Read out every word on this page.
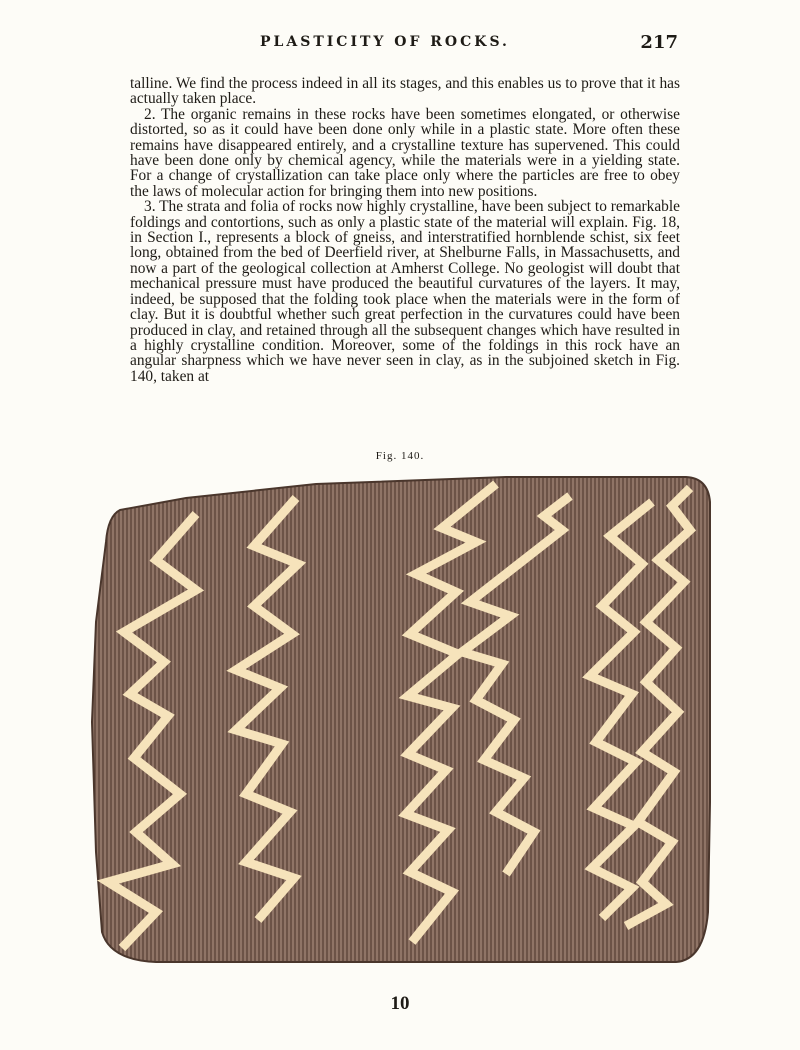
PLASTICITY OF ROCKS.	217

talline. We find the process indeed in all its stages, and this enables us to prove that it has actually taken place.

2. The organic remains in these rocks have been sometimes elongated, or otherwise distorted, so as it could have been done only while in a plastic state. More often these remains have disappeared entirely, and a crystalline texture has supervened. This could have been done only by chemical agency, while the materials were in a yielding state. For a change of crystallization can take place only where the particles are free to obey the laws of molecular action for bringing them into new positions.

3. The strata and folia of rocks now highly crystalline, have been subject to remarkable foldings and contortions, such as only a plastic state of the material will explain. Fig. 18, in Section I., represents a block of gneiss, and interstratified hornblende schist, six feet long, obtained from the bed of Deerfield river, at Shelburne Falls, in Massachusetts, and now a part of the geological collection at Amherst College. No geologist will doubt that mechanical pressure must have produced the beautiful curvatures of the layers. It may, indeed, be supposed that the folding took place when the materials were in the form of clay. But it is doubtful whether such great perfection in the curvatures could have been produced in clay, and retained through all the subsequent changes which have resulted in a highly crystalline condition. Moreover, some of the foldings in this rock have an angular sharpness which we have never seen in clay, as in the subjoined sketch in Fig. 140, taken at

Fig. 140.
10
